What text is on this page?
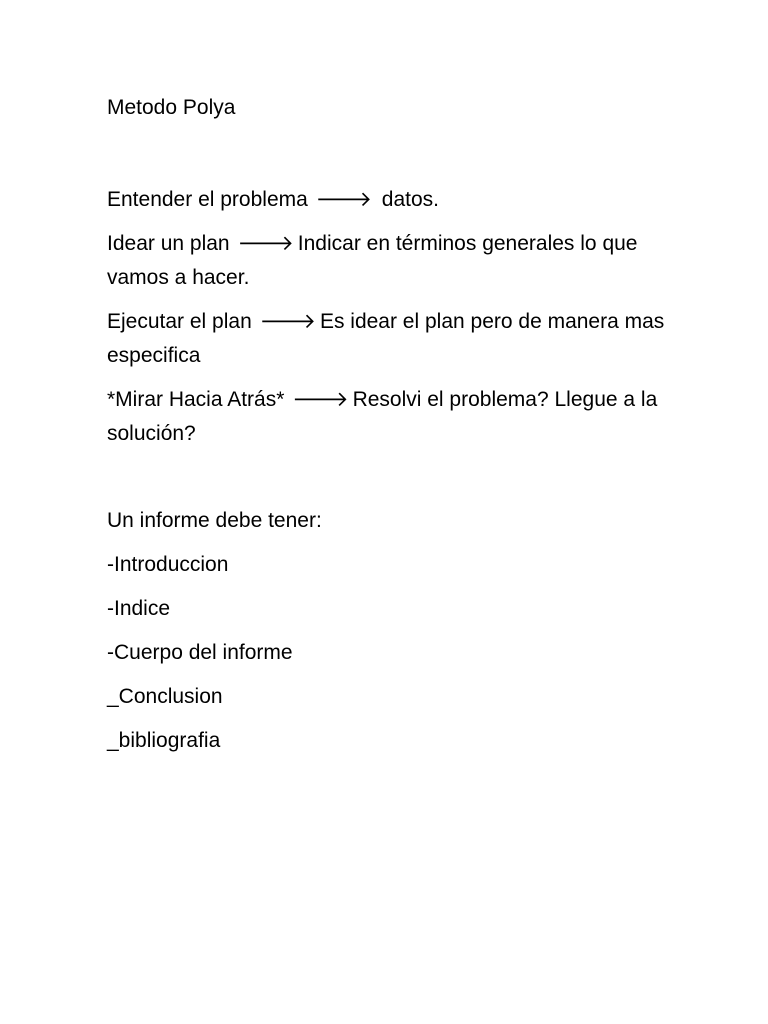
Metodo Polya

Entender el problema 🡒 datos.

Idear un plan 🡒 Indicar en términos generales lo que vamos a hacer.

Ejecutar el plan 🡒 Es idear el plan pero de manera mas especifica

*Mirar Hacia Atrás* 🡒 Resolvi el problema? Llegue a la solución?

Un informe debe tener:

-Introduccion

-Indice

-Cuerpo del informe

_Conclusion

_bibliografia
